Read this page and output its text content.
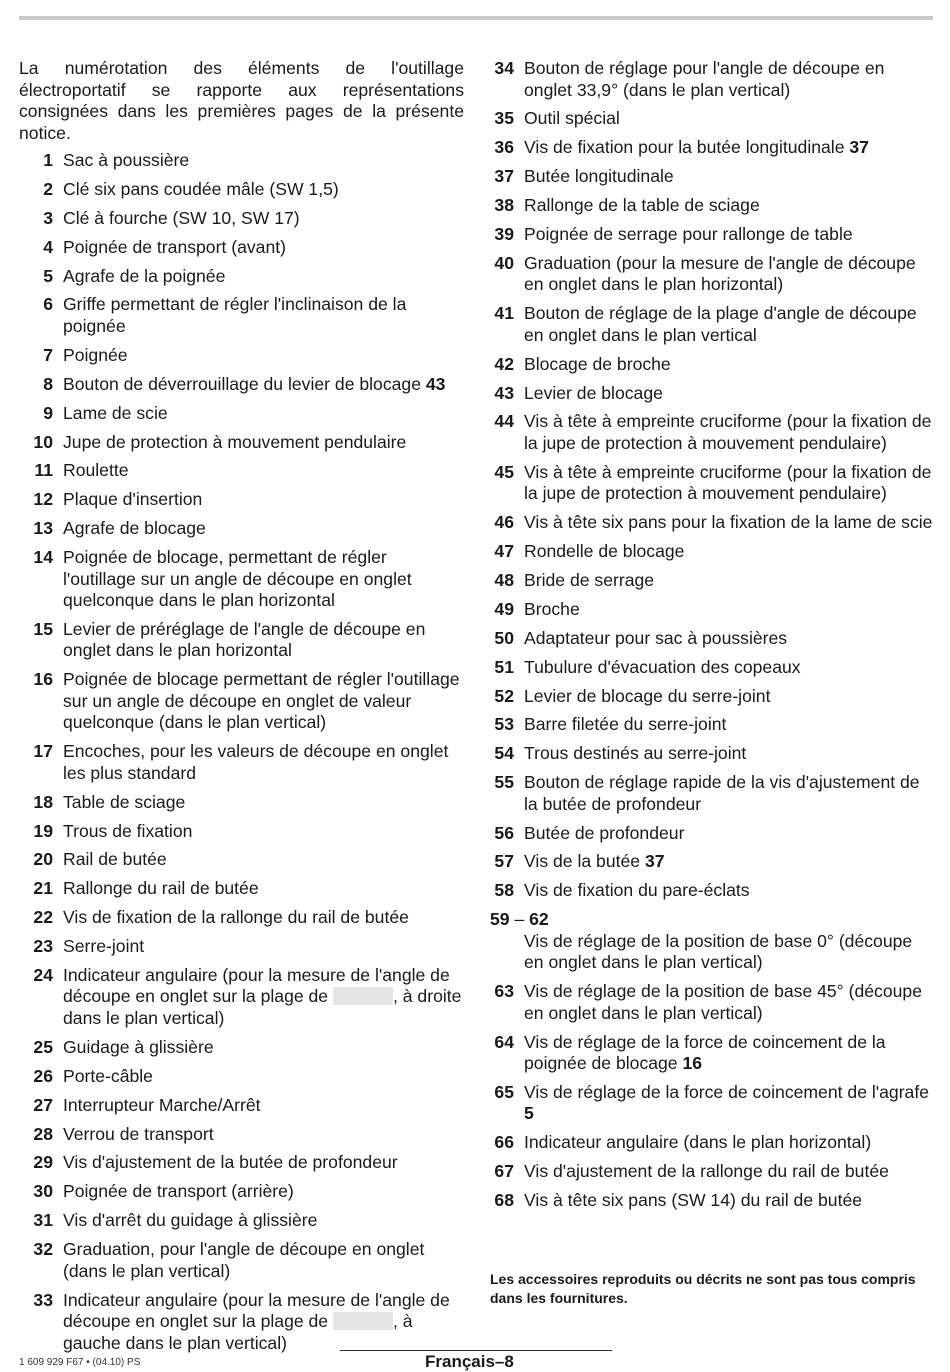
La numérotation des éléments de l'outillage électroportatif se rapporte aux représentations consignées dans les premières pages de la présente notice.

1 Sac à poussière
2 Clé six pans coudée mâle (SW 1,5)
3 Clé à fourche (SW 10, SW 17)
4 Poignée de transport (avant)
5 Agrafe de la poignée
6 Griffe permettant de régler l'inclinaison de la poignée
7 Poignée
8 Bouton de déverrouillage du levier de blocage 43
9 Lame de scie
10 Jupe de protection à mouvement pendulaire
11 Roulette
12 Plaque d'insertion
13 Agrafe de blocage
14 Poignée de blocage, permettant de régler l'outillage sur un angle de découpe en onglet quelconque dans le plan horizontal
15 Levier de préréglage de l'angle de découpe en onglet dans le plan horizontal
16 Poignée de blocage permettant de régler l'outillage sur un angle de découpe en onglet de valeur quelconque (dans le plan vertical)
17 Encoches, pour les valeurs de découpe en onglet les plus standard
18 Table de sciage
19 Trous de fixation
20 Rail de butée
21 Rallonge du rail de butée
22 Vis de fixation de la rallonge du rail de butée
23 Serre-joint
24 Indicateur angulaire (pour la mesure de l'angle de découpe en onglet sur la plage de	, à droite dans le plan vertical)
25 Guidage à glissière
26 Porte-câble
27 Interrupteur Marche/Arrêt
28 Verrou de transport
29 Vis d'ajustement de la butée de profondeur
30 Poignée de transport (arrière)
31 Vis d'arrêt du guidage à glissière
32 Graduation, pour l'angle de découpe en onglet (dans le plan vertical)
33 Indicateur angulaire (pour la mesure de l'angle de découpe en onglet sur la plage de	, à gauche dans le plan vertical)
34 Bouton de réglage pour l'angle de découpe en onglet 33,9° (dans le plan vertical)
35 Outil spécial
36 Vis de fixation pour la butée longitudinale 37
37 Butée longitudinale
38 Rallonge de la table de sciage
39 Poignée de serrage pour rallonge de table
40 Graduation (pour la mesure de l'angle de découpe en onglet dans le plan horizontal)
41 Bouton de réglage de la plage d'angle de découpe en onglet dans le plan vertical
42 Blocage de broche
43 Levier de blocage
44 Vis à tête à empreinte cruciforme (pour la fixation de la jupe de protection à mouvement pendulaire)
45 Vis à tête à empreinte cruciforme (pour la fixation de la jupe de protection à mouvement pendulaire)
46 Vis à tête six pans pour la fixation de la lame de scie
47 Rondelle de blocage
48 Bride de serrage
49 Broche
50 Adaptateur pour sac à poussières
51 Tubulure d'évacuation des copeaux
52 Levier de blocage du serre-joint
53 Barre filetée du serre-joint
54 Trous destinés au serre-joint
55 Bouton de réglage rapide de la vis d'ajustement de la butée de profondeur
56 Butée de profondeur
57 Vis de la butée 37
58 Vis de fixation du pare-éclats
59 – 62
Vis de réglage de la position de base 0° (découpe en onglet dans le plan vertical)
63 Vis de réglage de la position de base 45° (découpe en onglet dans le plan vertical)
64 Vis de réglage de la force de coincement de la poignée de blocage 16
65 Vis de réglage de la force de coincement de l'agrafe 5
66 Indicateur angulaire (dans le plan horizontal)
67 Vis d'ajustement de la rallonge du rail de butée
68 Vis à tête six pans (SW 14) du rail de butée
Les accessoires reproduits ou décrits ne sont pas tous compris dans les fournitures.
1 609 929 F67 • (04.10) PS	Français–8
